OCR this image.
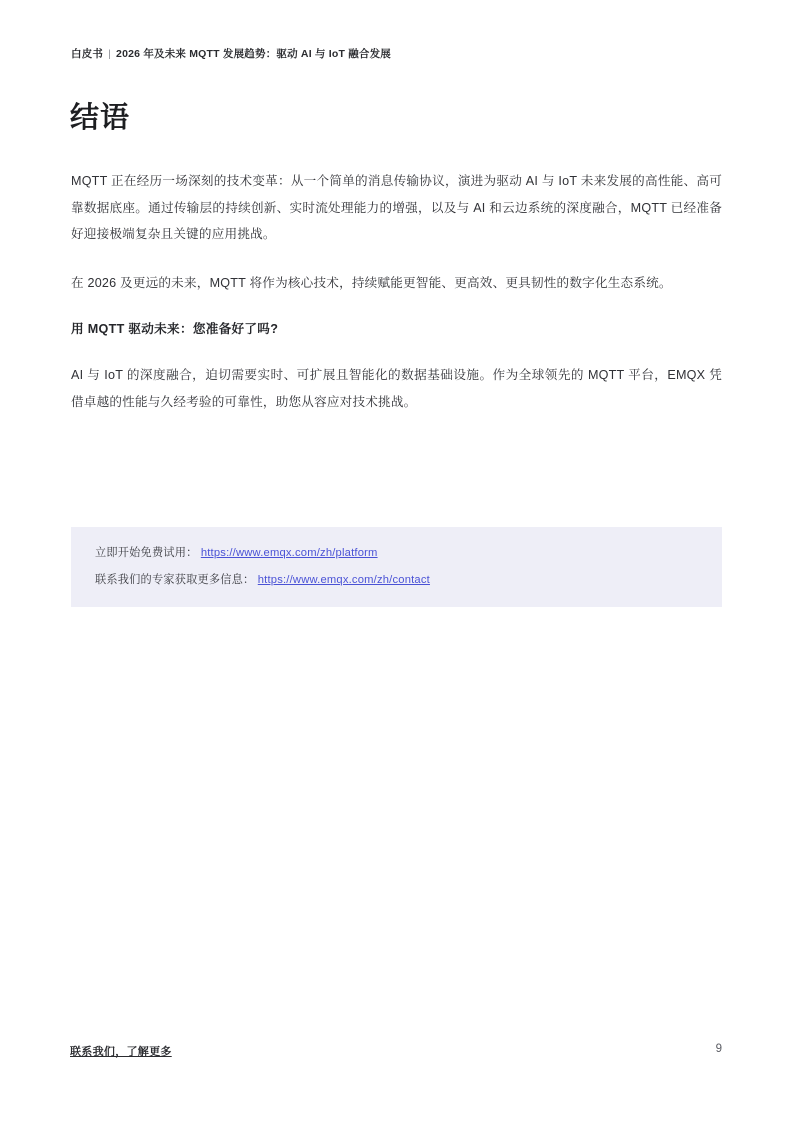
白皮书 | 2026 年及未来 MQTT 发展趋势：驱动 AI 与 IoT 融合发展
结语

MQTT 正在经历一场深刻的技术变革：从一个简单的消息传输协议，演进为驱动 AI 与 IoT 未来发展的高性能、高可靠数据底座。通过传输层的持续创新、实时流处理能力的增强，以及与 AI 和云边系统的深度融合，MQTT 已经准备好迎接极端复杂且关键的应用挑战。

在 2026 及更远的未来，MQTT 将作为核心技术，持续赋能更智能、更高效、更具韧性的数字化生态系统。

用 MQTT 驱动未来：您准备好了吗?

AI 与 IoT 的深度融合，迫切需要实时、可扩展且智能化的数据基础设施。作为全球领先的 MQTT 平台，EMQX 凭借卓越的性能与久经考验的可靠性，助您从容应对技术挑战。

立即开始免费试用： https://www.emqx.com/zh/platform
联系我们的专家获取更多信息： https://www.emqx.com/zh/contact
联系我们，了解更多	9
